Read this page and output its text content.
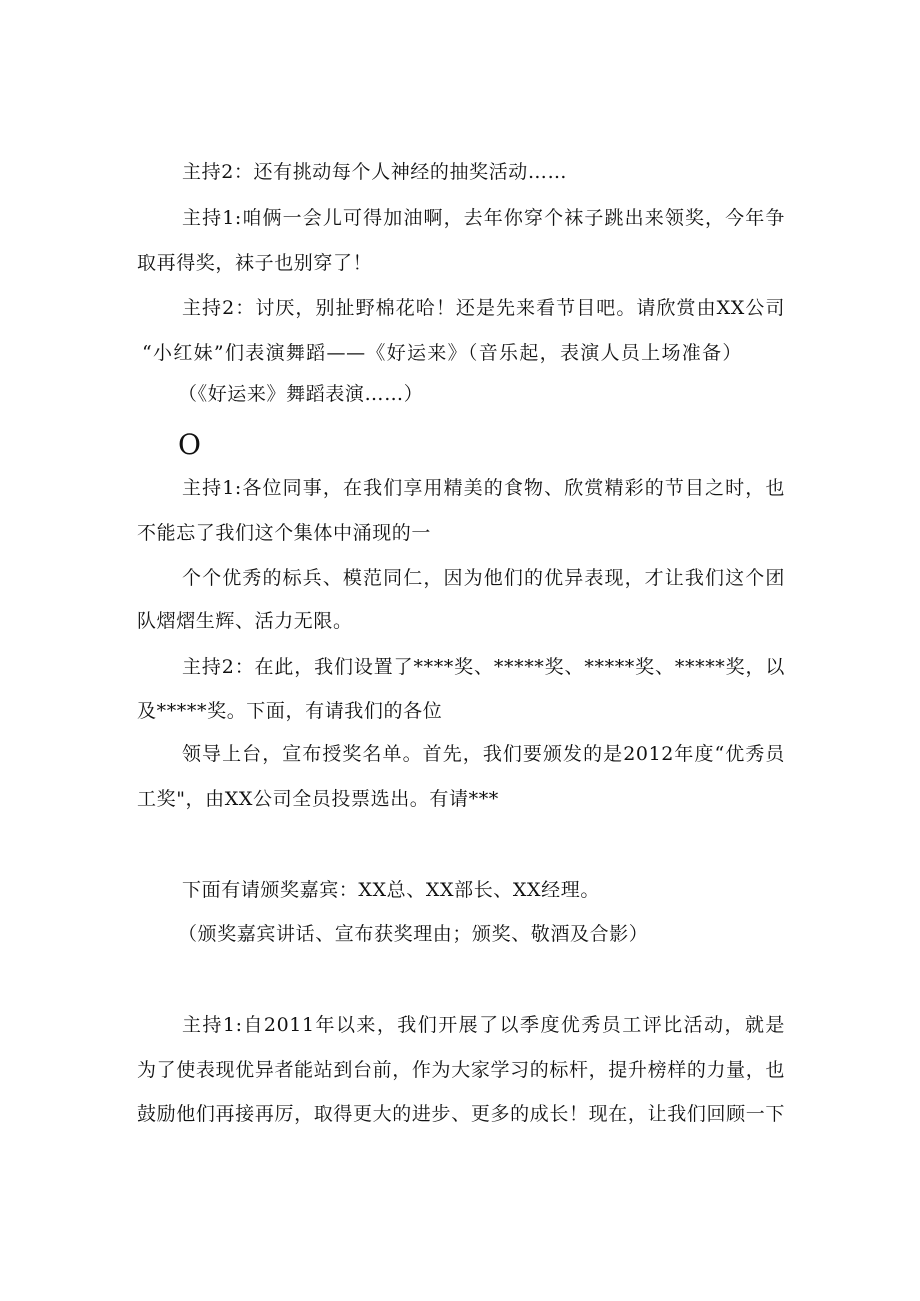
主持2：还有挑动每个人神经的抽奖活动……
主持1:咱俩一会儿可得加油啊，去年你穿个袜子跳出来领奖，今年争
取再得奖，袜子也别穿了！
主持2：讨厌，别扯野棉花哈！还是先来看节目吧。请欣赏由XX公司
“小红妹”们表演舞蹈——《好运来》（音乐起，表演人员上场准备）
（《好运来》舞蹈表演……）
O
主持1:各位同事，在我们享用精美的食物、欣赏精彩的节目之时，也
不能忘了我们这个集体中涌现的一
个个优秀的标兵、模范同仁，因为他们的优异表现，才让我们这个团
队熠熠生辉、活力无限。
主持2：在此，我们设置了****奖、*****奖、*****奖、*****奖，以
及*****奖。下面，有请我们的各位
领导上台，宣布授奖名单。首先，我们要颁发的是2012年度“优秀员
工奖"，由XX公司全员投票选出。有请***
下面有请颁奖嘉宾：XX总、XX部长、XX经理。
（颁奖嘉宾讲话、宣布获奖理由；颁奖、敬酒及合影）
主持1:自2011年以来，我们开展了以季度优秀员工评比活动，就是
为了使表现优异者能站到台前，作为大家学习的标杆，提升榜样的力量，也
鼓励他们再接再厉，取得更大的进步、更多的成长！现在，让我们回顾一下
